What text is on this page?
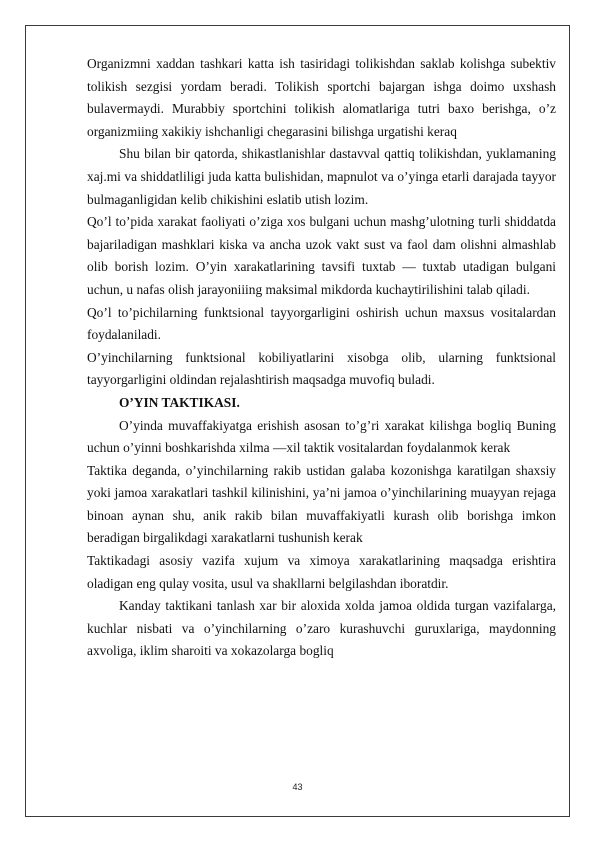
Organizmni xaddan tashkari katta ish tasiridagi tolikishdan saklab kolishga subektiv tolikish sezgisi yordam beradi. Tolikish sportchi bajargan ishga doimo uxshash bulavermaydi. Murabbiy sportchini tolikish alomatlariga tutri baxo berishga, o’z organizmiing xakikiy ishchanligi chegarasini bilishga urgatishi keraq

Shu bilan bir qatorda, shikastlanishlar dastavval qattiq tolikishdan, yuklamaning xaj.mi va shiddatliligi juda katta bulishidan, mapnulot va o’yinga etarli darajada tayyor bulmaganligidan kelib chikishini eslatib utish lozim.

Qo’l to’pida xarakat faoliyati o’ziga xos bulgani uchun mashg’ulotning turli shiddatda bajariladigan mashklari kiska va ancha uzok vakt sust va faol dam olishni almashlab olib borish lozim. O’yin xarakatlarining tavsifi tuxtab — tuxtab utadigan bulgani uchun, u nafas olish jarayoniiing maksimal mikdorda kuchaytirilishini talab qiladi.

Qo’l to’pichilarning funktsional tayyorgarligini oshirish uchun maxsus vositalardan foydalaniladi.

O’yinchilarning funktsional kobiliyatlarini xisobga olib, ularning funktsional tayyorgarligini oldindan rejalashtirish maqsadga muvofiq buladi.

O’YIN TAKTIKASI.

O’yinda muvaffakiyatga erishish asosan to’g’ri xarakat kilishga bogliq Buning uchun o’yinni boshkarishda xilma —xil taktik vositalardan foydalanmok kerak

Taktika deganda, o’yinchilarning rakib ustidan galaba kozonishga karatilgan shaxsiy yoki jamoa xarakatlari tashkil kilinishini, ya’ni jamoa o’yinchilarining muayyan rejaga binoan aynan shu, anik rakib bilan muvaffakiyatli kurash olib borishga imkon beradigan birgalikdagi xarakatlarni tushunish kerak

Taktikadagi asosiy vazifa xujum va ximoya xarakatlarining maqsadga erishtira oladigan eng qulay vosita, usul va shakllarni belgilashdan iboratdir.

Kanday taktikani tanlash xar bir aloxida xolda jamoa oldida turgan vazifalarga, kuchlar nisbati va o’yinchilarning o’zaro kurashuvchi guruxlariga, maydonning axvoliga, iklim sharoiti va xokazolarga bogliq

43
